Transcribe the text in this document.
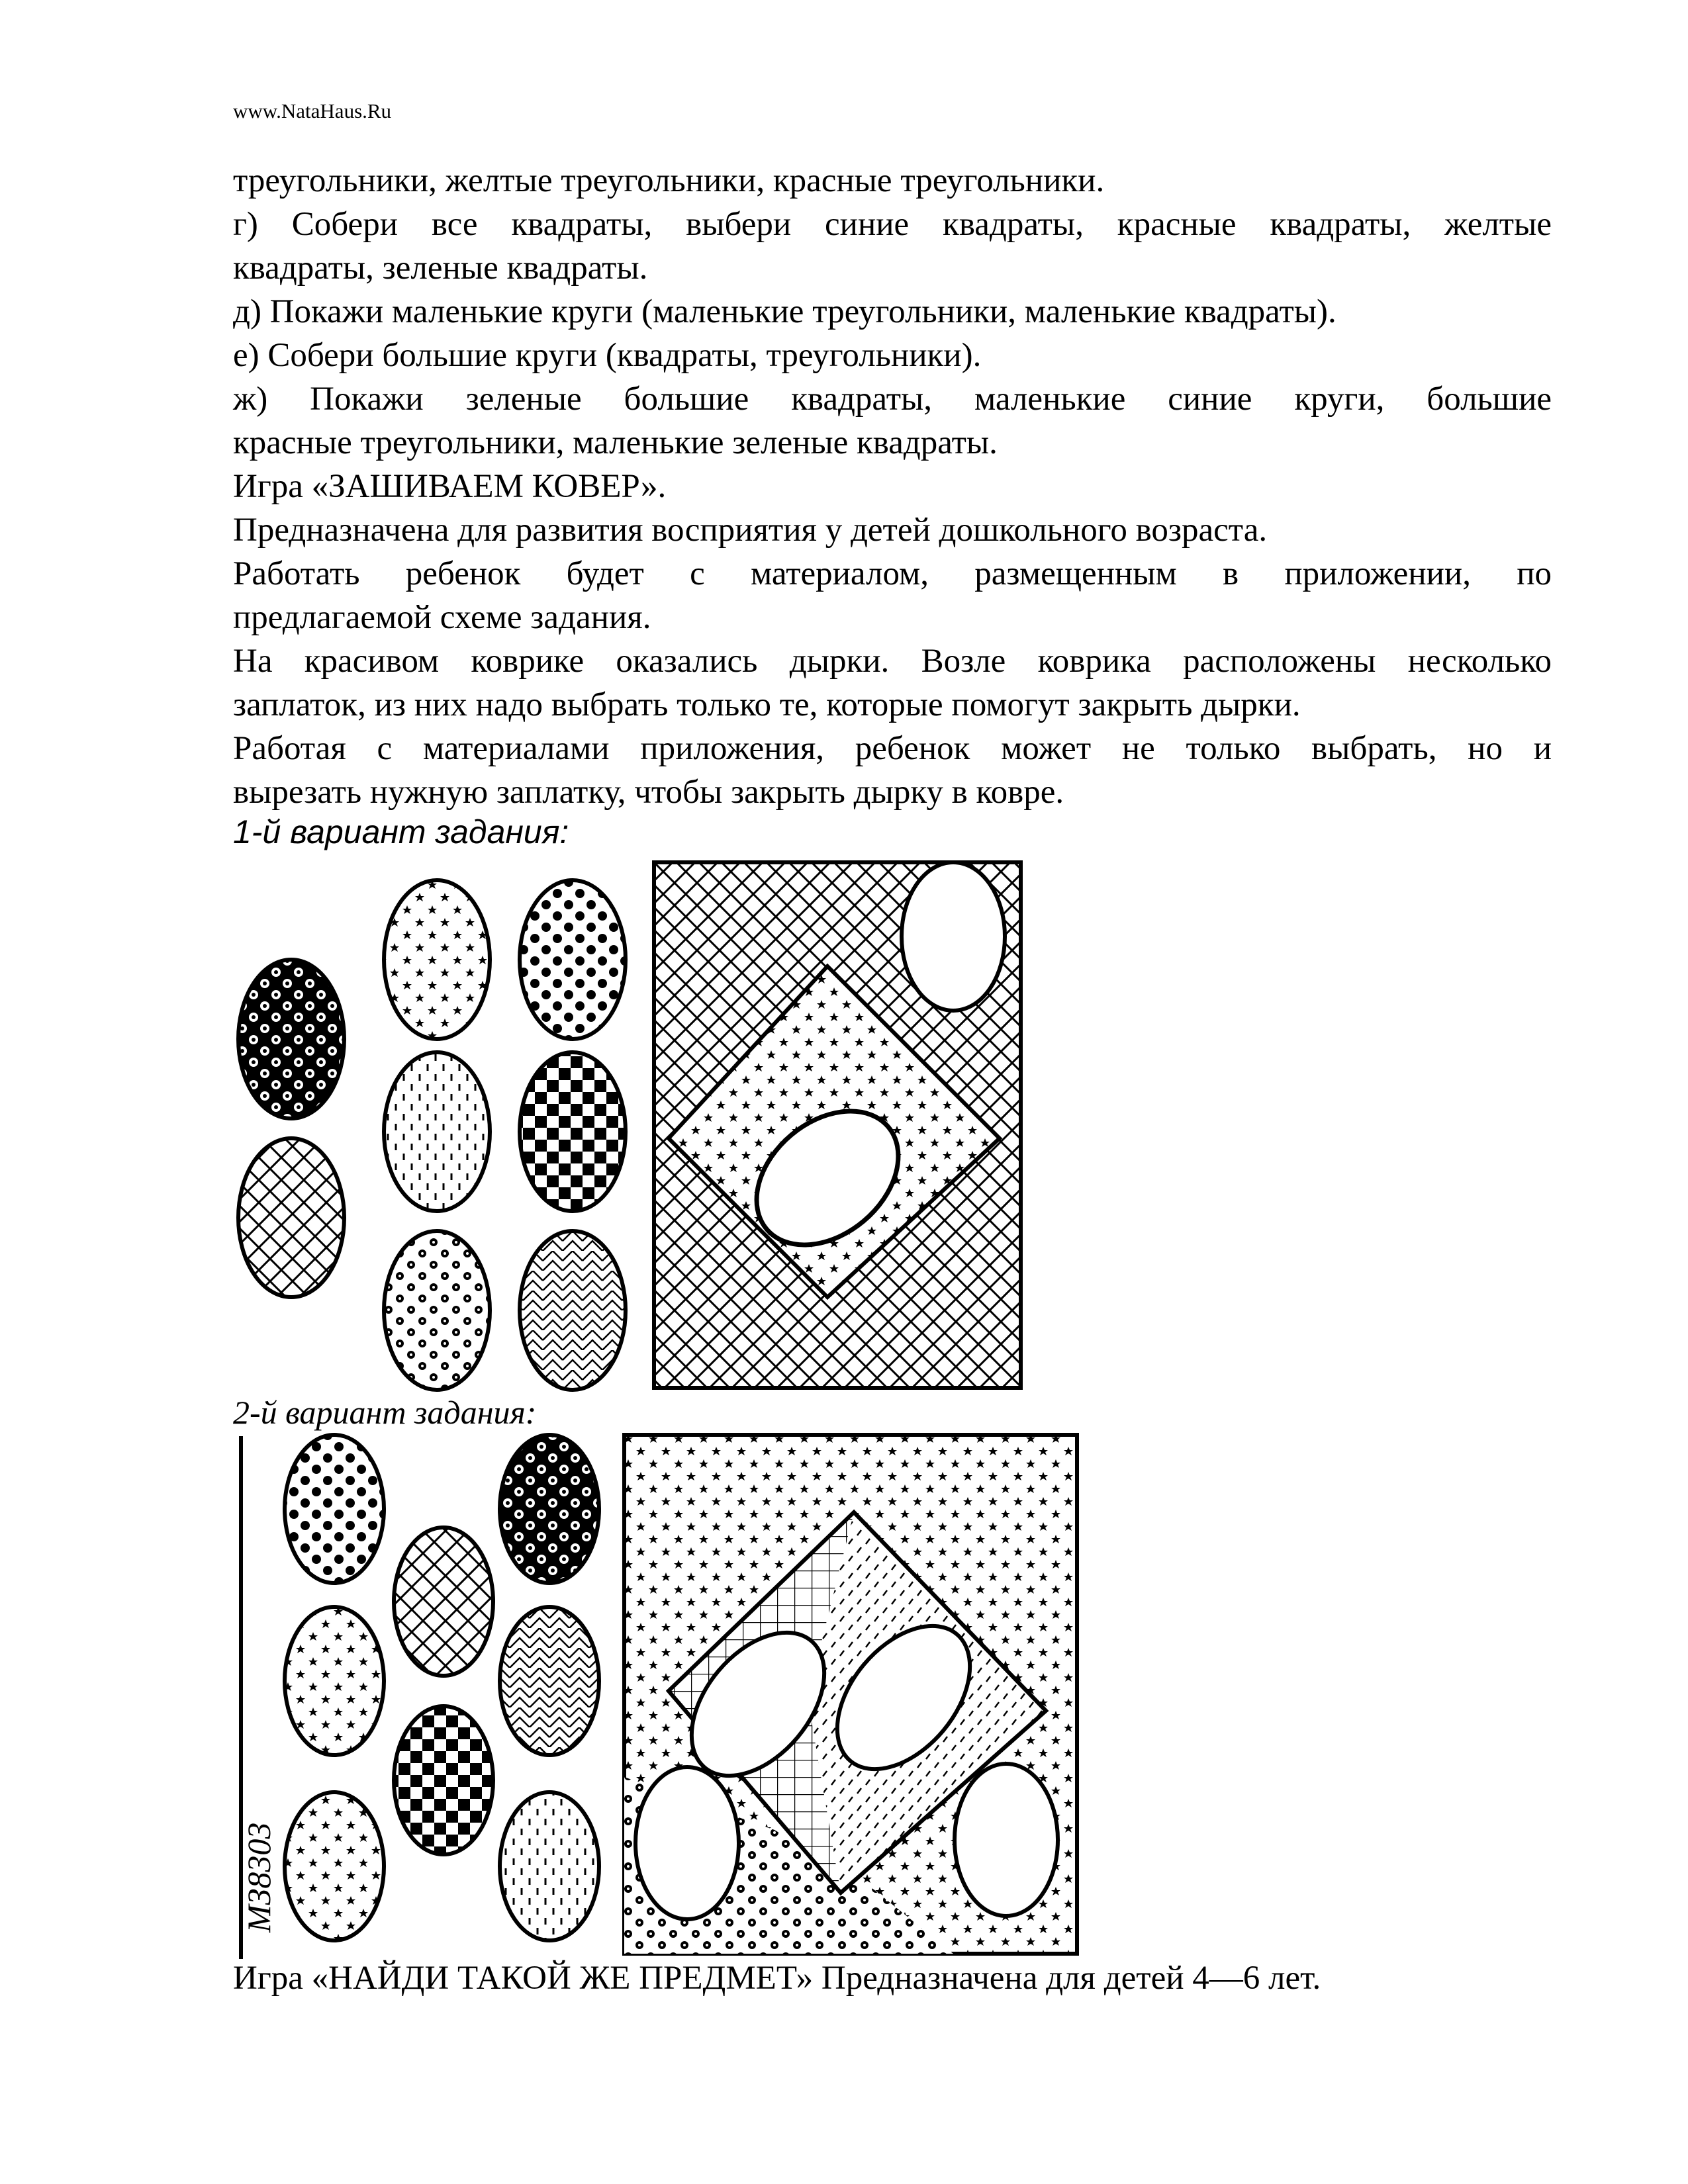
www.NataHaus.Ru

треугольники, желтые треугольники, красные треугольники.

г) Собери все квадраты, выбери синие квадраты, красные квадраты, желтые

квадраты, зеленые квадраты.

д) Покажи маленькие круги (маленькие треугольники, маленькие квадраты).

е) Собери большие круги (квадраты, треугольники).

ж) Покажи зеленые большие квадраты, маленькие синие круги, большие

красные треугольники, маленькие зеленые квадраты.

Игра «ЗАШИВАЕМ КОВЕР».

Предназначена для развития восприятия у детей дошкольного возраста.

Работать ребенок будет с материалом, размещенным в приложении, по

предлагаемой схеме задания.

На красивом коврике оказались дырки. Возле коврика расположены несколько

заплаток, из них надо выбрать только те, которые помогут закрыть дырки.

Работая с материалами приложения, ребенок может не только выбрать, но и

вырезать нужную заплатку, чтобы закрыть дырку в ковре.

1-й вариант задания:
2-й вариант задания:
МЗ8303
Игра «НАЙДИ ТАКОЙ ЖЕ ПРЕДМЕТ» Предназначена для детей 4—6 лет.
